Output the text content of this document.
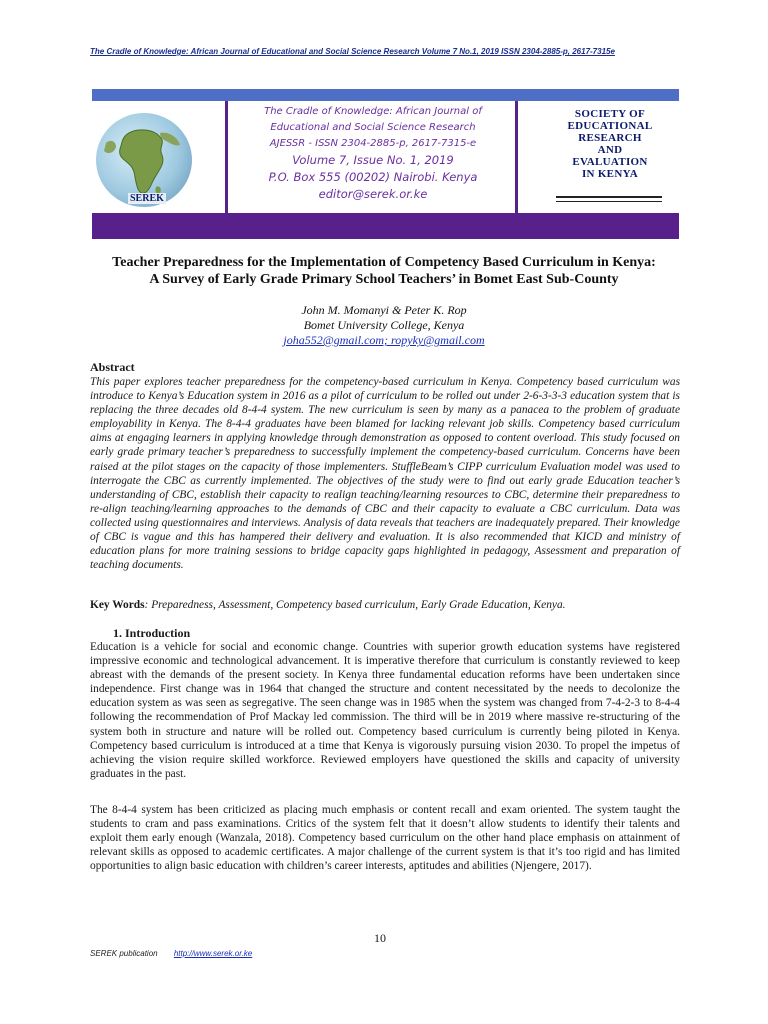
The Cradle of Knowledge: African Journal of Educational and Social Science Research Volume 7 No.1, 2019 ISSN 2304-2885-p, 2617-7315e
SEREK
The Cradle of Knowledge: African Journal of
Educational and Social Science Research
AJESSR - ISSN 2304-2885-p, 2617-7315-e
Volume 7, Issue No. 1, 2019
P.O. Box 555 (00202) Nairobi. Kenya
editor@serek.or.ke
SOCIETY OF
EDUCATIONAL
RESEARCH
AND
EVALUATION
IN KENYA
Teacher Preparedness for the Implementation of Competency Based Curriculum in Kenya:
A Survey of Early Grade Primary School Teachers’ in Bomet East Sub-County
John M. Momanyi & Peter K. Rop
Bomet University College, Kenya
joha552@gmail.com; ropyky@gmail.com
Abstract
This paper explores teacher preparedness for the competency-based curriculum in Kenya. Competency based curriculum was introduce to Kenya’s Education system in 2016 as a pilot of curriculum to be rolled out under 2-6-3-3-3 education system that is replacing the three decades old 8-4-4 system. The new curriculum is seen by many as a panacea to the problem of graduate employability in Kenya. The 8-4-4 graduates have been blamed for lacking relevant job skills. Competency based curriculum aims at engaging learners in applying knowledge through demonstration as opposed to content overload. This study focused on early grade primary teacher’s preparedness to successfully implement the competency-based curriculum. Concerns have been raised at the pilot stages on the capacity of those implementers. StuffleBeam’s CIPP curriculum Evaluation model was used to interrogate the CBC as currently implemented. The objectives of the study were to find out early grade Education teacher’s understanding of CBC, establish their capacity to realign teaching/learning resources to CBC, determine their preparedness to re-align teaching/learning approaches to the demands of CBC and their capacity to evaluate a CBC curriculum. Data was collected using questionnaires and interviews. Analysis of data reveals that teachers are inadequately prepared. Their knowledge of CBC is vague and this has hampered their delivery and evaluation. It is also recommended that KICD and ministry of education plans for more training sessions to bridge capacity gaps highlighted in pedagogy, Assessment and preparation of teaching documents.
Key Words: Preparedness, Assessment, Competency based curriculum, Early Grade Education, Kenya.
1. Introduction
Education is a vehicle for social and economic change. Countries with superior growth education systems have registered impressive economic and technological advancement. It is imperative therefore that curriculum is constantly reviewed to keep abreast with the demands of the present society. In Kenya three fundamental education reforms have been undertaken since independence. First change was in 1964 that changed the structure and content necessitated by the needs to decolonize the education system as was seen as segregative. The seen change was in 1985 when the system was changed from 7-4-2-3 to 8-4-4 following the recommendation of Prof Mackay led commission. The third will be in 2019 where massive re-structuring of the system both in structure and nature will be rolled out. Competency based curriculum is currently being piloted in Kenya. Competency based curriculum is introduced at a time that Kenya is vigorously pursuing vision 2030. To propel the impetus of achieving the vision require skilled workforce. Reviewed employers have questioned the skills and capacity of university graduates in the past.
The 8-4-4 system has been criticized as placing much emphasis or content recall and exam oriented. The system taught the students to cram and pass examinations. Critics of the system felt that it doesn’t allow students to identify their talents and exploit them early enough (Wanzala, 2018). Competency based curriculum on the other hand place emphasis on attainment of relevant skills as opposed to academic certificates. A major challenge of the current system is that it’s too rigid and has limited opportunities to align basic education with children’s career interests, aptitudes and abilities (Njengere, 2017).
10
SEREK publication http://www.serek.or.ke
